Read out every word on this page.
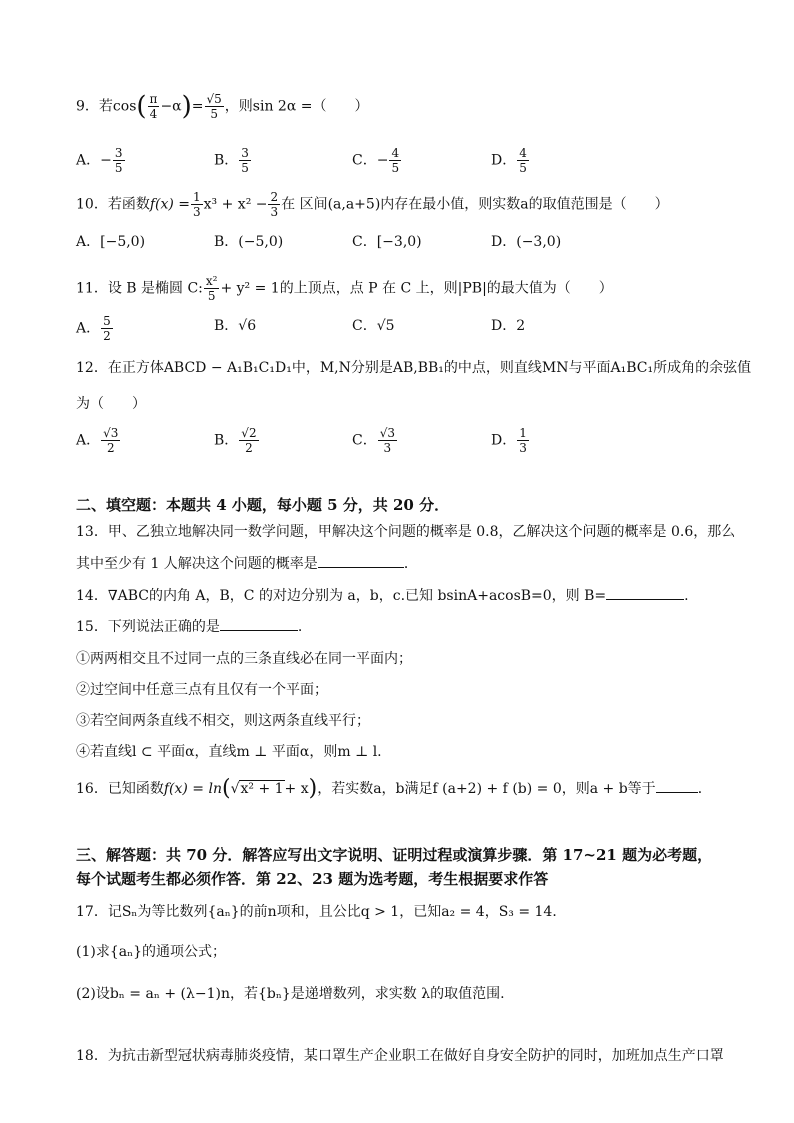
9．若$\cos( \frac{\pi}{4} -\alpha)= \frac{√5}{5}$ ，则sin 2α =（　　）
A．− $\frac{3}{5}$	B． $\frac{3}{5}$	C．− $\frac{4}{5}$	D． $\frac{4}{5}$
10．若函数$f(x) = \frac{1}{3} x^3 + x^2 - \frac{2}{3}$ 在 区间(a,a+5)内存在最小值，则实数a的取值范围是（　　）
A．[−5,0)	B．(−5,0)	C．[−3,0)	D．(−3,0)
11．设 B 是椭圆 C: $\frac{\text{x²}}{5} + y^2 = 1$的上顶点，点 P 在 C 上，则|PB|的最大值为（　　）
A． $\frac{5}{2}$	B．√6	C．√5	D．2
12．在正方体ABCD − A₁B₁C₁D₁中，M,N分别是AB,BB₁的中点，则直线MN与平面A₁BC₁所成角的余弦值
为（　　）
A． $\frac{√3}{2}$	B． $\frac{√2}{2}$	C． $\frac{√3}{3}$	D． $\frac{1}{3}$
二、填空题：本题共 4 小题，每小题 5 分，共 20 分．
13．甲、乙独立地解决同一数学问题，甲解决这个问题的概率是 0.8，乙解决这个问题的概率是 0.6，那么
其中至少有 1 人解决这个问题的概率是	．
14．∇ABC的内角 A，B，C 的对边分别为 a，b，c.已知 bsinA+acosB=0，则 B=	.
15．下列说法正确的是	.
①两两相交且不过同一点的三条直线必在同一平面内；
②过空间中任意三点有且仅有一个平面；
③若空间两条直线不相交，则这两条直线平行；
④若直线l ⊂ 平面α，直线m ⊥ 平面α，则m ⊥ l.
16．已知函数f(x) = ln(√x² + 1+ x)，若实数a，b满足f (a+2) + f (b) = 0，则a + b等于	．
三、解答题：共 70 分．解答应写出文字说明、证明过程或演算步骤．第 17~21 题为必考题，
每个试题考生都必须作答．第 22、23 题为选考题，考生根据要求作答
17．记Sₙ为等比数列{aₙ}的前n项和，且公比q > 1，已知a₂ = 4，S₃ = 14．
(1)求{aₙ}的通项公式；
(2)设bₙ = aₙ + (λ−1)n，若{bₙ}是递增数列，求实数 λ的取值范围.
18．为抗击新型冠状病毒肺炎疫情，某口罩生产企业职工在做好自身安全防护的同时，加班加点生产口罩
